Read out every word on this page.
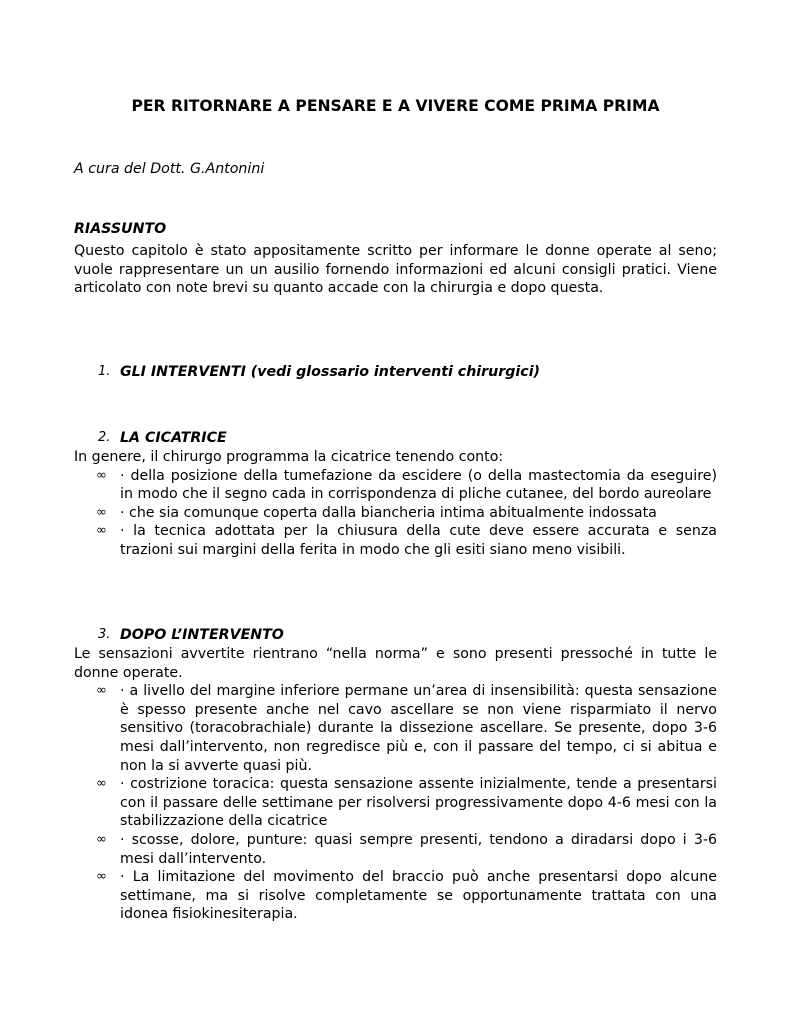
PER RITORNARE A PENSARE E A VIVERE COME PRIMA PRIMA
A cura del Dott. G.Antonini
RIASSUNTO
Questo capitolo è stato appositamente scritto per informare le donne operate al seno; vuole rappresentare un un ausilio fornendo informazioni ed alcuni consigli pratici. Viene articolato con note brevi su quanto accade con la chirurgia e dopo questa.
1. GLI INTERVENTI (vedi glossario interventi chirurgici)
2. LA CICATRICE
In genere, il chirurgo programma la cicatrice tenendo conto:
∞ · della posizione della tumefazione da escidere (o della mastectomia da eseguire) in modo che il segno cada in corrispondenza di pliche cutanee, del bordo aureolare
∞ · che sia comunque coperta dalla biancheria intima abitualmente indossata
∞ · la tecnica adottata per la chiusura della cute deve essere accurata e senza trazioni sui margini della ferita in modo che gli esiti siano meno visibili.
3. DOPO L’INTERVENTO
Le sensazioni avvertite rientrano “nella norma” e sono presenti pressoché in tutte le donne operate.
∞ · a livello del margine inferiore permane un’area di insensibilità: questa sensazione è spesso presente anche nel cavo ascellare se non viene risparmiato il nervo sensitivo (toracobrachiale) durante la dissezione ascellare. Se presente, dopo 3-6 mesi dall’intervento, non regredisce più e, con il passare del tempo, ci si abitua e non la si avverte quasi più.
∞ · costrizione toracica: questa sensazione assente inizialmente, tende a presentarsi con il passare delle settimane per risolversi progressivamente dopo 4-6 mesi con la stabilizzazione della cicatrice
∞ · scosse, dolore, punture: quasi sempre presenti, tendono a diradarsi dopo i 3-6 mesi dall’intervento.
∞ · La limitazione del movimento del braccio può anche presentarsi dopo alcune settimane, ma si risolve completamente se opportunamente trattata con una idonea fisiokinesiterapia.
